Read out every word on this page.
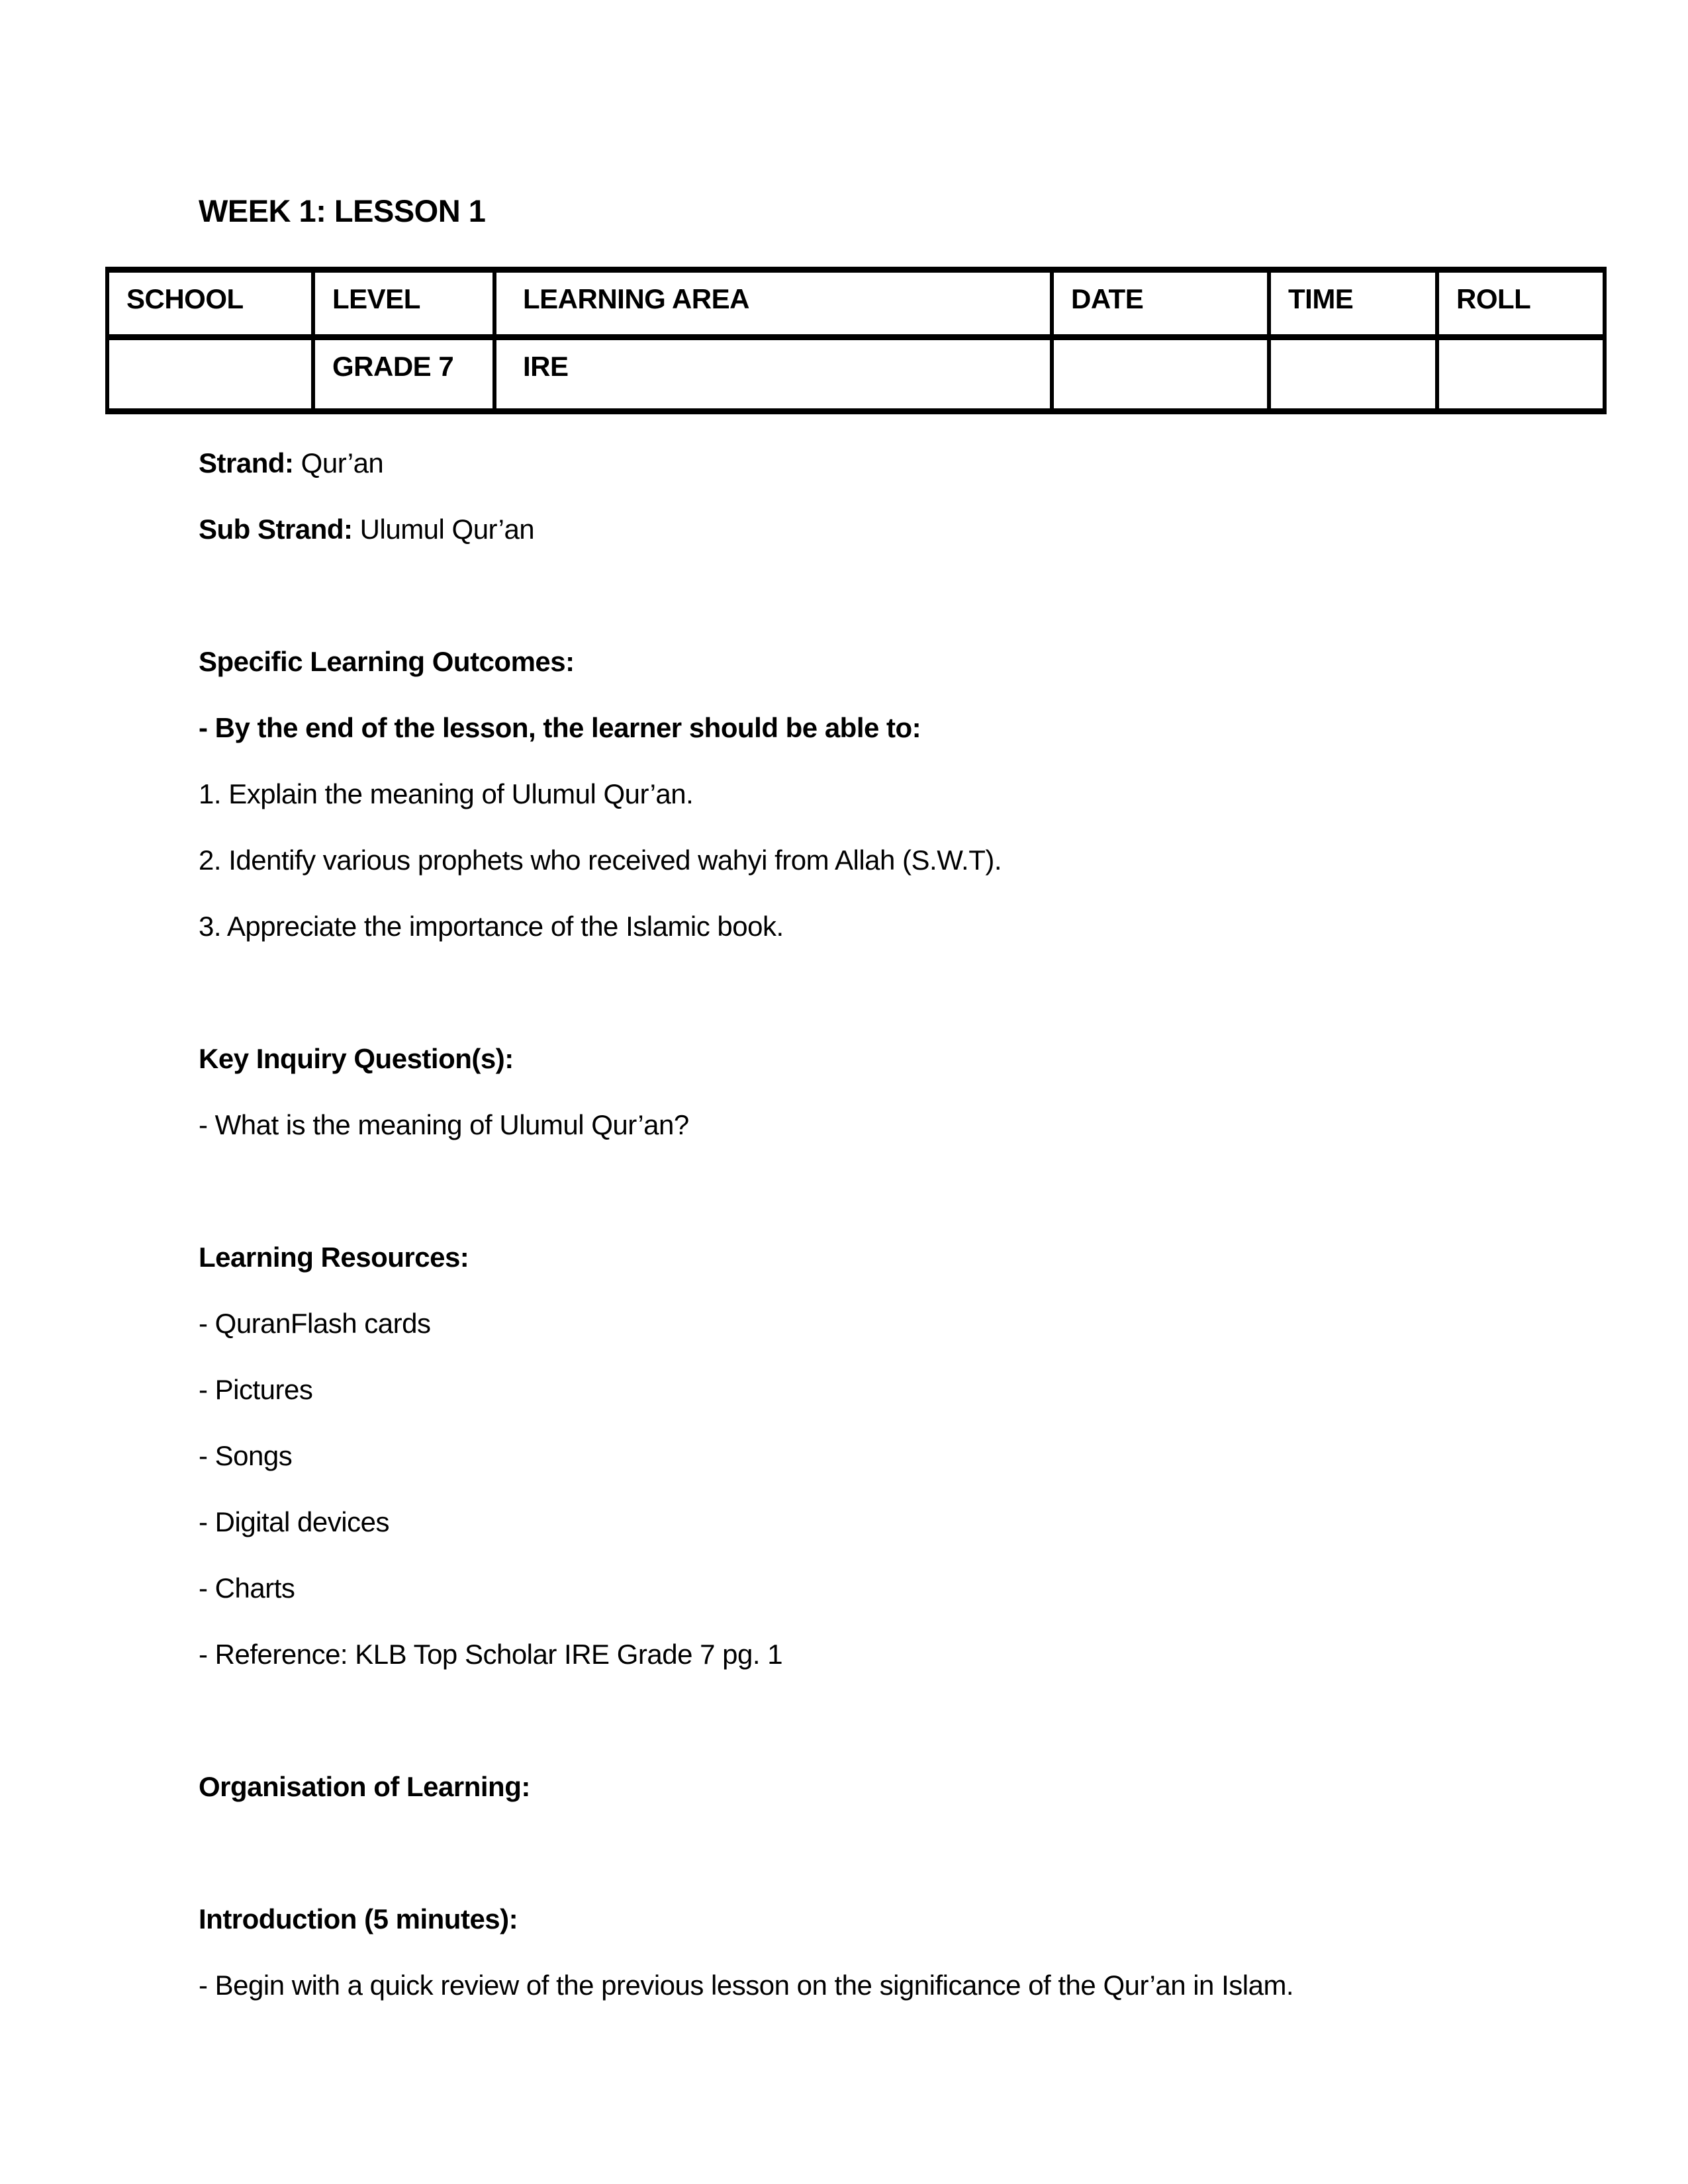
WEEK 1: LESSON 1
SCHOOL	LEVEL	LEARNING AREA	DATE	TIME	ROLL
	GRADE 7	IRE			

Strand: Qur’an

Sub Strand: Ulumul Qur’an

Specific Learning Outcomes:

- By the end of the lesson, the learner should be able to:

1. Explain the meaning of Ulumul Qur’an.

2. Identify various prophets who received wahyi from Allah (S.W.T).

3. Appreciate the importance of the Islamic book.

Key Inquiry Question(s):

- What is the meaning of Ulumul Qur’an?

Learning Resources:

- QuranFlash cards

- Pictures

- Songs

- Digital devices

- Charts

- Reference: KLB Top Scholar IRE Grade 7 pg. 1

Organisation of Learning:

Introduction (5 minutes):

- Begin with a quick review of the previous lesson on the significance of the Qur’an in Islam.
